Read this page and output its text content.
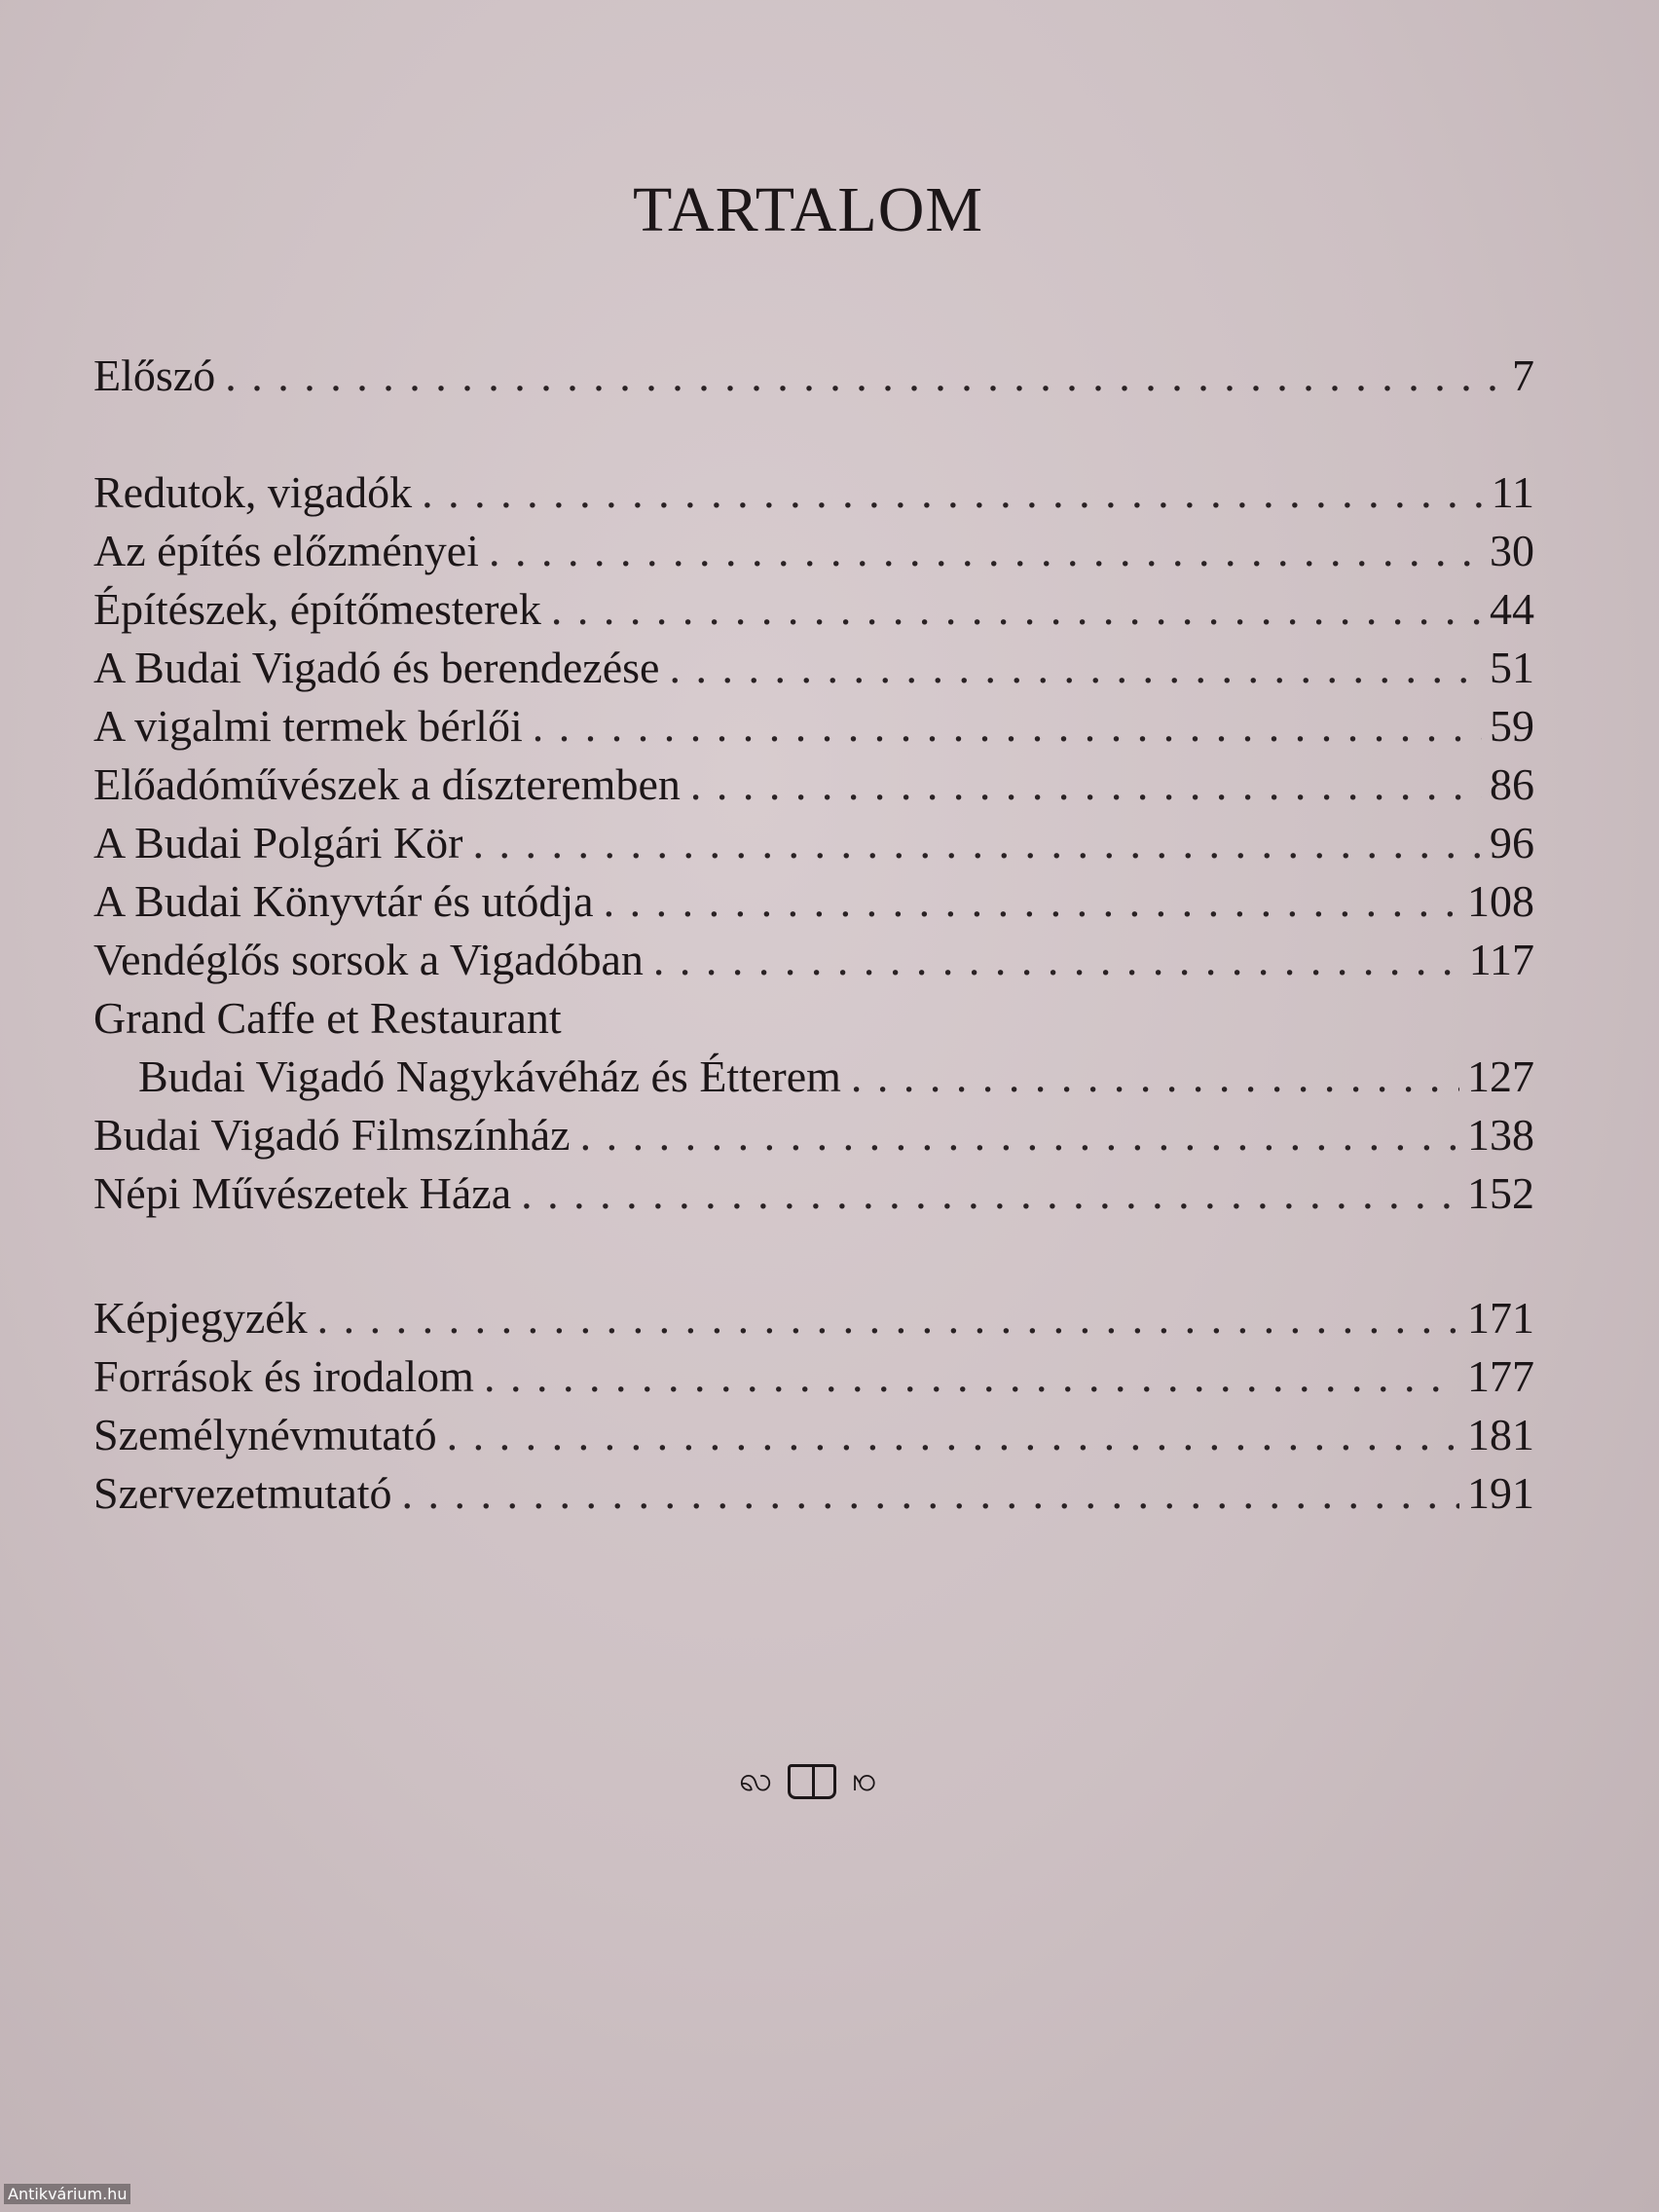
TARTALOM
Előszó . . .	7
Redutok, vigadók . . .	11
Az építés előzményei . . .	30
Építészek, építőmesterek . . .	44
A Budai Vigadó és berendezése . . .	51
A vigalmi termek bérlői . . .	59
Előadóművészek a díszteremben . . .	86
A Budai Polgári Kör . . .	96
A Budai Könyvtár és utódja . . .	108
Vendéglős sorsok a Vigadóban . . .	117
Grand Caffe et Restaurant
Budai Vigadó Nagykávéház és Étterem . . .	127
Budai Vigadó Filmszínház . . .	138
Népi Művészetek Háza . . .	152
Képjegyzék . . .	171
Források és irodalom . . .	177
Személynévmutató . . .	181
Szervezetmutató . . .	191
ꩮ ꩯ
Antikvárium.hu
